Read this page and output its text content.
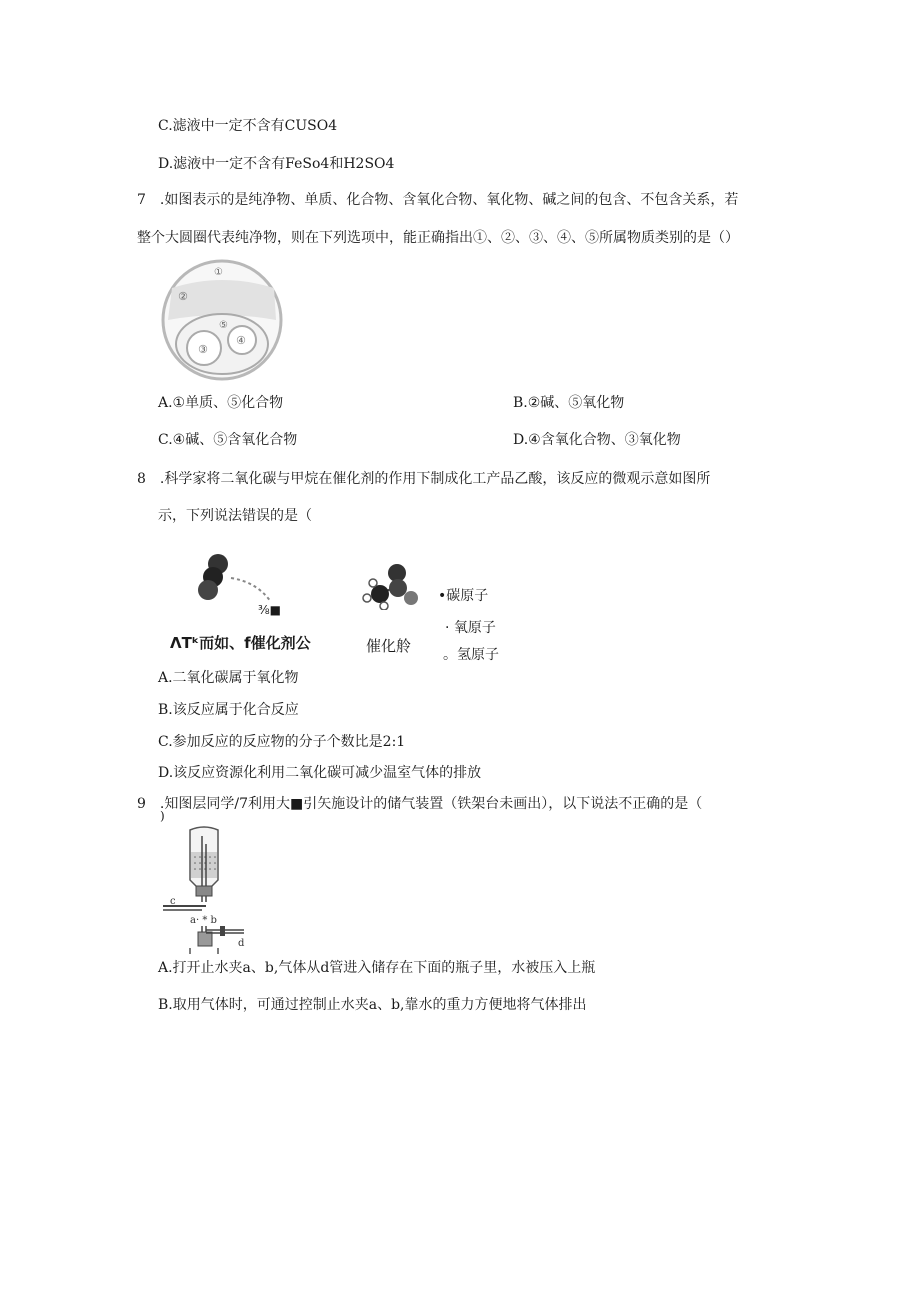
C.滤液中一定不含有CUSO4
D.滤液中一定不含有FeSo4和H2SO4
7　.如图表示的是纯净物、单质、化合物、含氧化合物、氧化物、碱之间的包含、不包含关系，若
整个大圆圈代表纯净物，则在下列选项中，能正确指出①、②、③、④、⑤所属物质类别的是（）
①
②
⑤
③
④
A.①单质、⑤化合物	B.②碱、⑤氧化物
C.④碱、⑤含氧化合物	D.④含氧化合物、③氧化物
8　.科学家将二氧化碳与甲烷在催化剂的作用下制成化工产品乙酸，该反应的微观示意如图所
示，下列说法错误的是（
⅜■
•碳原子
· 氧原子
。氢原子
ΛTᵏ而如、f催化剂公	催化舲
A.二氧化碳属于氧化物
B.该反应属于化合反应
C.参加反应的反应物的分子个数比是2:1
D.该反应资源化利用二氧化碳可减少温室气体的排放
9　.知图层同学/7利用大■引矢施设计的储气装置（铁架台未画出），以下说法不正确的是（
)
c
a· * b
d
A.打开止水夹a、b,气体从d管进入储存在下面的瓶子里，水被压入上瓶
B.取用气体时，可通过控制止水夹a、b,靠水的重力方便地将气体排出
